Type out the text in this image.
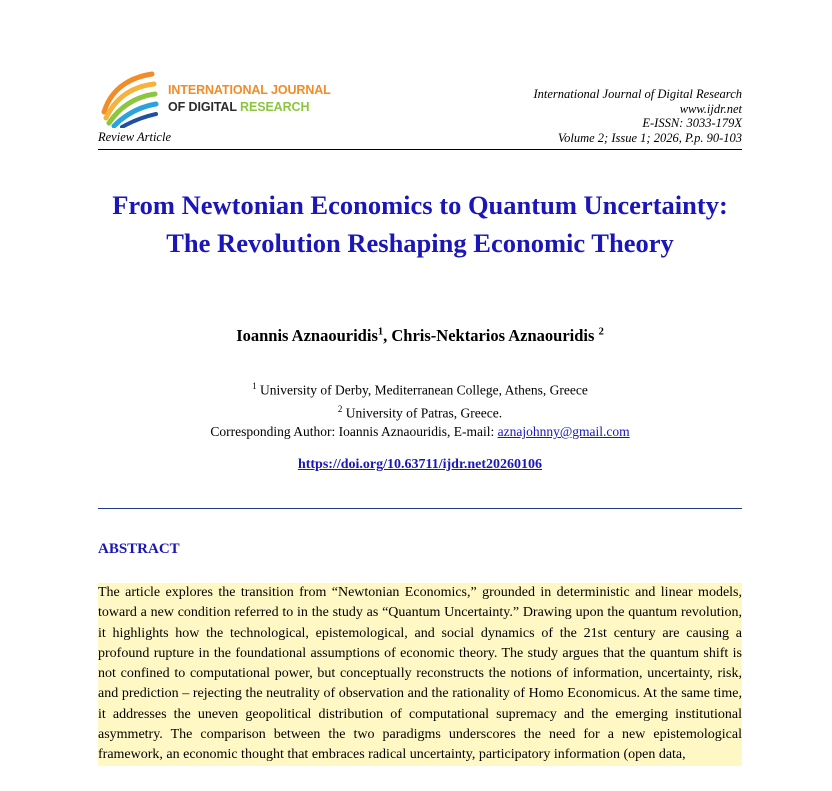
INTERNATIONAL JOURNAL
OF DIGITAL RESEARCH
Review Article
International Journal of Digital Research
www.ijdr.net
E-ISSN: 3033-179X
Volume 2; Issue 1; 2026, P.p. 90-103
From Newtonian Economics to Quantum Uncertainty: The Revolution Reshaping Economic Theory
Ioannis Aznaouridis$^1$, Chris-Nektarios Aznaouridis $^2$
$^1$ University of Derby, Mediterranean College, Athens, Greece
$^2$ University of Patras, Greece.
Corresponding Author: Ioannis Aznaouridis, E-mail: aznajohnny@gmail.com
https://doi.org/10.63711/ijdr.net20260106
ABSTRACT
The article explores the transition from “Newtonian Economics,” grounded in deterministic and linear models, toward a new condition referred to in the study as “Quantum Uncertainty.” Drawing upon the quantum revolution, it highlights how the technological, epistemological, and social dynamics of the 21st century are causing a profound rupture in the foundational assumptions of economic theory. The study argues that the quantum shift is not confined to computational power, but conceptually reconstructs the notions of information, uncertainty, risk, and prediction – rejecting the neutrality of observation and the rationality of Homo Economicus. At the same time, it addresses the uneven geopolitical distribution of computational supremacy and the emerging institutional asymmetry. The comparison between the two paradigms underscores the need for a new epistemological framework, an economic thought that embraces radical uncertainty, participatory information (open data,
